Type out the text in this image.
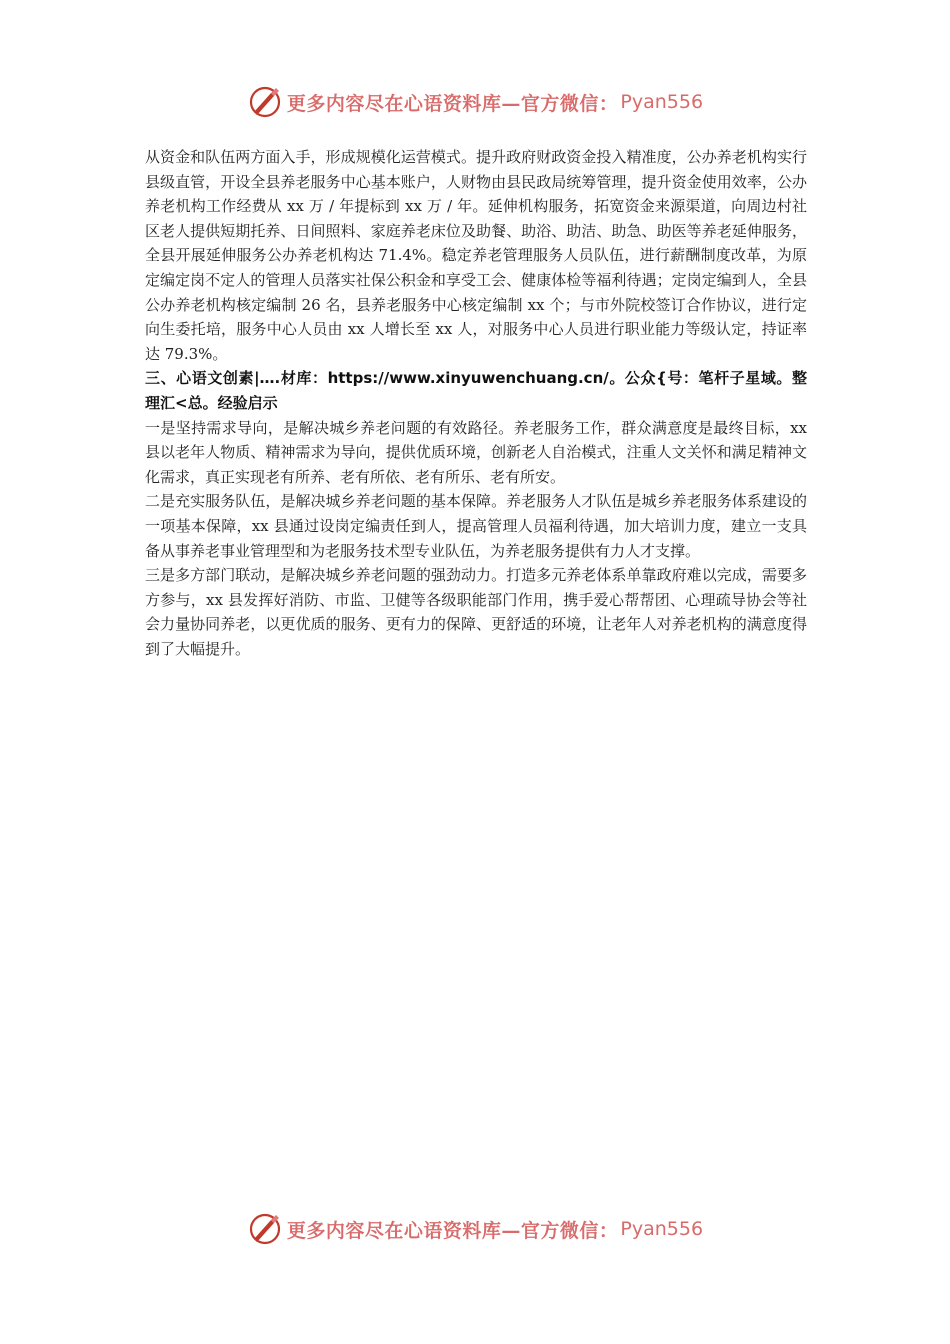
更多内容尽在心语资料库—官方微信： Pyan556

从资金和队伍两方面入手，形成规模化运营模式。提升政府财政资金投入精准度，公办养老机构实行县级直管，开设全县养老服务中心基本账户，人财物由县民政局统筹管理，提升资金使用效率，公办养老机构工作经费从 xx 万 / 年提标到 xx 万 / 年。延伸机构服务，拓宽资金来源渠道，向周边村社区老人提供短期托养、日间照料、家庭养老床位及助餐、助浴、助洁、助急、助医等养老延伸服务，全县开展延伸服务公办养老机构达 71.4%。稳定养老管理服务人员队伍，进行薪酬制度改革，为原定编定岗不定人的管理人员落实社保公积金和享受工会、健康体检等福利待遇；定岗定编到人，全县公办养老机构核定编制 26 名，县养老服务中心核定编制 xx 个；与市外院校签订合作协议，进行定向生委托培，服务中心人员由 xx 人增长至 xx 人，对服务中心人员进行职业能力等级认定，持证率达 79.3%。

三、心语文创素|….材库：https://www.xinyuwenchuang.cn/。公众{号：笔杆子星域。整理汇<总。经验启示

一是坚持需求导向，是解决城乡养老问题的有效路径。养老服务工作，群众满意度是最终目标，xx 县以老年人物质、精神需求为导向，提供优质环境，创新老人自治模式，注重人文关怀和满足精神文化需求，真正实现老有所养、老有所依、老有所乐、老有所安。

二是充实服务队伍，是解决城乡养老问题的基本保障。养老服务人才队伍是城乡养老服务体系建设的一项基本保障，xx 县通过设岗定编责任到人，提高管理人员福利待遇，加大培训力度，建立一支具备从事养老事业管理型和为老服务技术型专业队伍，为养老服务提供有力人才支撑。

三是多方部门联动，是解决城乡养老问题的强劲动力。打造多元养老体系单靠政府难以完成，需要多方参与，xx 县发挥好消防、市监、卫健等各级职能部门作用，携手爱心帮帮团、心理疏导协会等社会力量协同养老，以更优质的服务、更有力的保障、更舒适的环境，让老年人对养老机构的满意度得到了大幅提升。

更多内容尽在心语资料库—官方微信： Pyan556
